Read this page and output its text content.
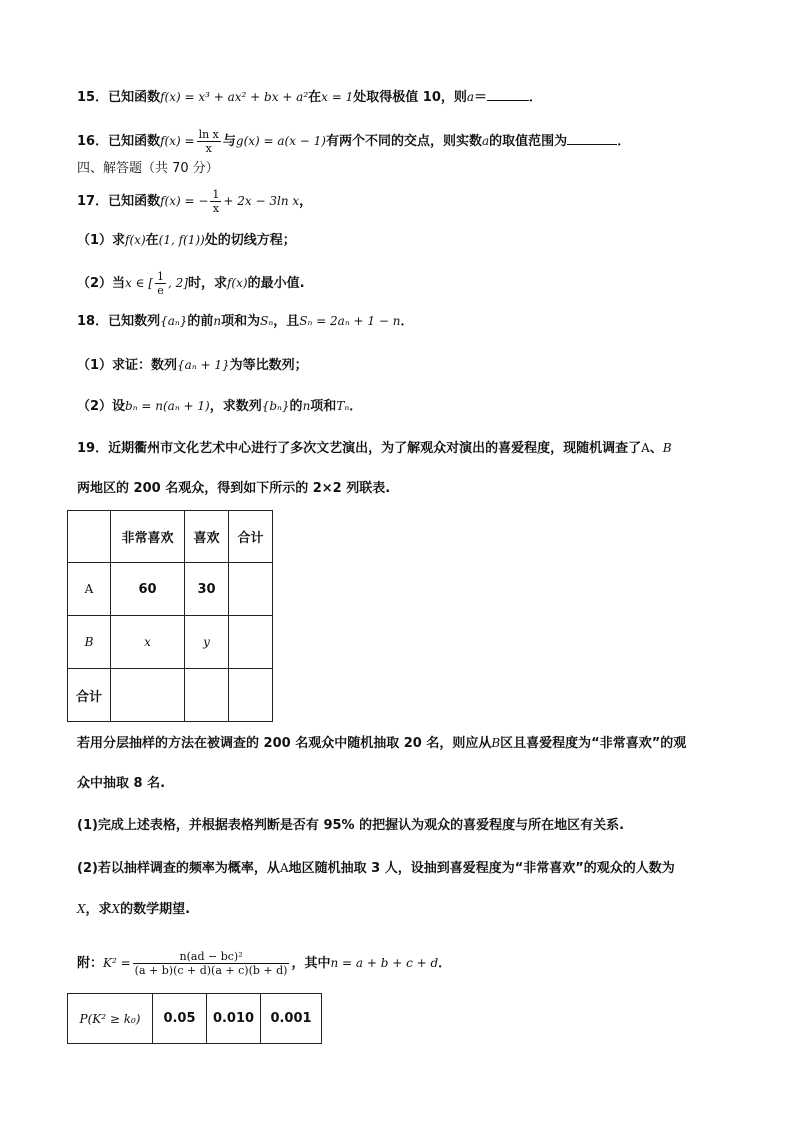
15．已知函数f(x) = x³ + ax² + bx + a²在x = 1处取得极值 10，则a＝	．
16．已知函数$f(x) = \frac{\text{ln x}}{x}$ 与g(x) = a(x − 1)有两个不同的交点，则实数a的取值范围为	．
四、解答题（共 70 分）
17．已知函数f(x) = − $\frac{1}{x} + 2x - 3\ln$ x，
（1）求f(x)在(1, f(1))处的切线方程；
（2）当x ∈ [ $\frac{1}{e}$ , 2]时，求f(x)的最小值.
18．已知数列{aₙ}的前n项和为Sₙ，且Sₙ = 2aₙ + 1 − n．
（1）求证：数列{aₙ + 1}为等比数列；
（2）设bₙ = n(aₙ + 1)，求数列{bₙ}的n项和Tₙ．
19．近期衢州市文化艺术中心进行了多次文艺演出，为了解观众对演出的喜爱程度，现随机调查了A、B
两地区的 200 名观众，得到如下所示的 2×2 列联表.
	非常喜欢	喜欢	合计
A	60	30	
B	x	y	
合计			
若用分层抽样的方法在被调查的 200 名观众中随机抽取 20 名，则应从B区且喜爱程度为“非常喜欢”的观
众中抽取 8 名.
(1)完成上述表格，并根据表格判断是否有 95% 的把握认为观众的喜爱程度与所在地区有关系.
(2)若以抽样调查的频率为概率，从A地区随机抽取 3 人，设抽到喜爱程度为“非常喜欢”的观众的人数为
X，求X的数学期望.
附：$K^2 = \frac{\text{n(ad − bc)²}}{(a + b)(c + d)(a + c)(b + d)}$ ，其中n = a + b + c + d．
P(K² ≥ k₀)	0.05	0.010	0.001
